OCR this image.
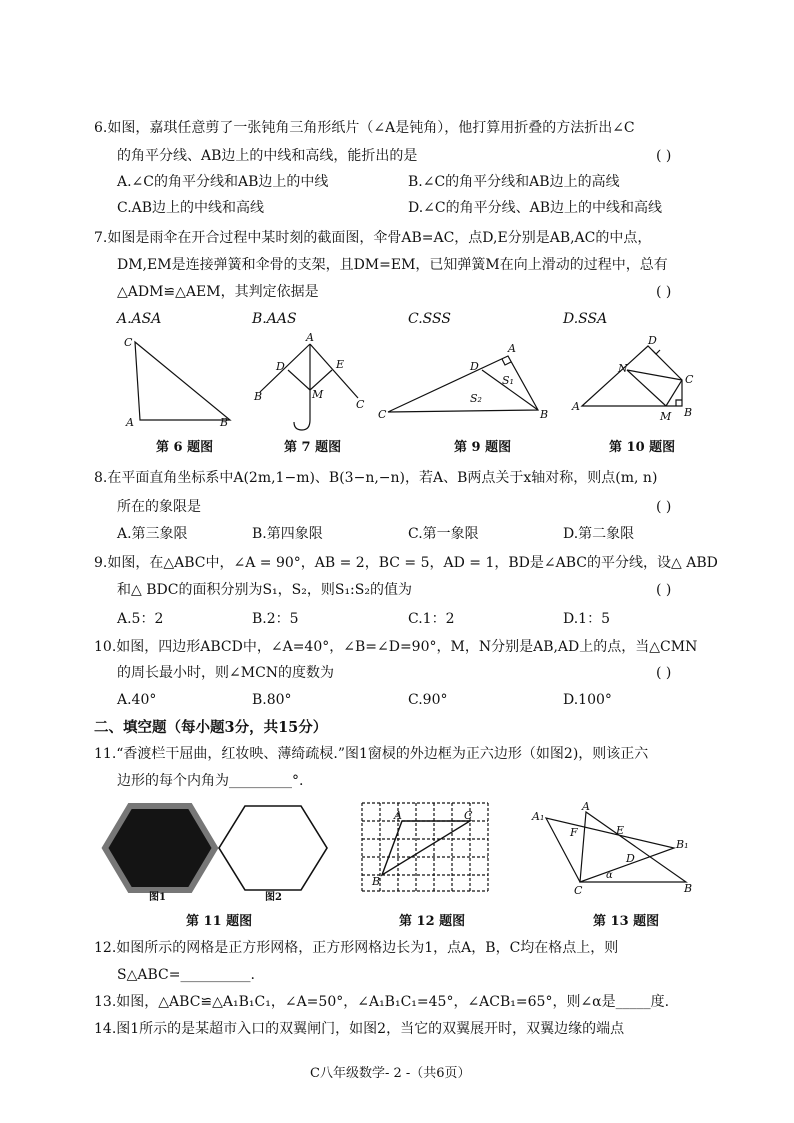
6.如图，嘉琪任意剪了一张钝角三角形纸片（∠A是钝角），他打算用折叠的方法折出∠C
的角平分线、AB边上的中线和高线，能折出的是	( )
A.∠C的角平分线和AB边上的中线	B.∠C的角平分线和AB边上的高线
C.AB边上的中线和高线	D.∠C的角平分线、AB边上的中线和高线
7.如图是雨伞在开合过程中某时刻的截面图，伞骨AB=AC，点D,E分别是AB,AC的中点，
DM,EM是连接弹簧和伞骨的支架，且DM=EM，已知弹簧M在向上滑动的过程中，总有
△ADM≌△AEM，其判定依据是	( )
A.ASA	B.AAS	C.SSS	D.SSA
C
A	B
第 6 题图
A
D	E
B
C
M
第 7 题图
A
D
S₁
S₂
C	B
第 9 题图
D
N
C
A
M B
第 10 题图
8.在平面直角坐标系中A(2m,1−m)、B(3−n,−n)，若A、B两点关于x轴对称，则点(m, n)
所在的象限是	( )
A.第三象限	B.第四象限	C.第一象限	D.第二象限
9.如图，在△ABC中，∠A = 90°，AB = 2，BC = 5，AD = 1，BD是∠ABC的平分线，设△ ABD
和△ BDC的面积分别为S₁，S₂，则S₁:S₂的值为	( )
A.5：2	B.2：5	C.1：2	D.1：5
10.如图，四边形ABCD中，∠A=40°，∠B=∠D=90°，M，N分别是AB,AD上的点，当△CMN
的周长最小时，则∠MCN的度数为	( )
A.40°	B.80°	C.90°	D.100°
二、填空题（每小题3分，共15分）
11.“香渡栏干屈曲，红妆映、薄绮疏棂.”图1窗棂的外边框为正六边形（如图2)，则该正六
边形的每个内角为_________°.
图1	图2
第 11 题图
A	C
B
第 12 题图
A
A₁
E
F
B₁
D
α
C	B
第 13 题图
12.如图所示的网格是正方形网格，正方形网格边长为1，点A，B，C均在格点上，则
S△ABC=__________.
13.如图，△ABC≌△A₁B₁C₁，∠A=50°，∠A₁B₁C₁=45°，∠ACB₁=65°，则∠α是_____度.
14.图1所示的是某超市入口的双翼闸门，如图2，当它的双翼展开时，双翼边缘的端点
C八年级数学- 2 -（共6页）
